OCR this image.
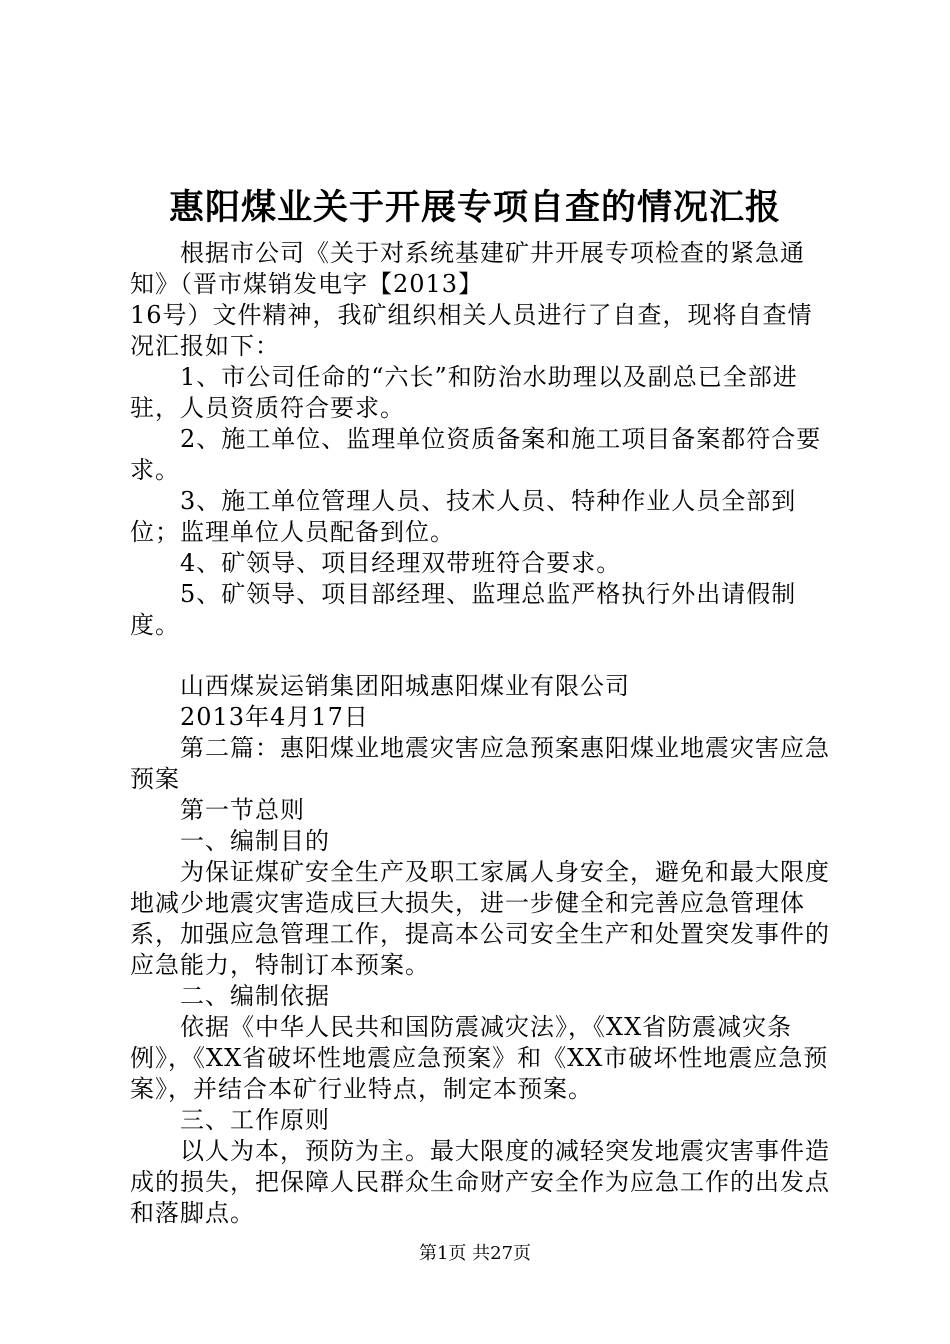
惠阳煤业关于开展专项自查的情况汇报

根据市公司《关于对系统基建矿井开展专项检查的紧急通知》（晋市煤销发电字【2013】

16号）文件精神，我矿组织相关人员进行了自查，现将自查情况汇报如下：

1、市公司任命的“六长”和防治水助理以及副总已全部进驻，人员资质符合要求。

2、施工单位、监理单位资质备案和施工项目备案都符合要求。

3、施工单位管理人员、技术人员、特种作业人员全部到位；监理单位人员配备到位。

4、矿领导、项目经理双带班符合要求。

5、矿领导、项目部经理、监理总监严格执行外出请假制度。

山西煤炭运销集团阳城惠阳煤业有限公司

2013年4月17日

第二篇：惠阳煤业地震灾害应急预案惠阳煤业地震灾害应急预案

第一节总则

一、编制目的

为保证煤矿安全生产及职工家属人身安全，避免和最大限度地减少地震灾害造成巨大损失，进一步健全和完善应急管理体系，加强应急管理工作，提高本公司安全生产和处置突发事件的应急能力，特制订本预案。

二、编制依据

依据《中华人民共和国防震减灾法》，《XX省防震减灾条例》，《XX省破坏性地震应急预案》和《XX市破坏性地震应急预案》，并结合本矿行业特点，制定本预案。

三、工作原则

以人为本，预防为主。最大限度的减轻突发地震灾害事件造成的损失，把保障人民群众生命财产安全作为应急工作的出发点和落脚点。

第1页 共27页
